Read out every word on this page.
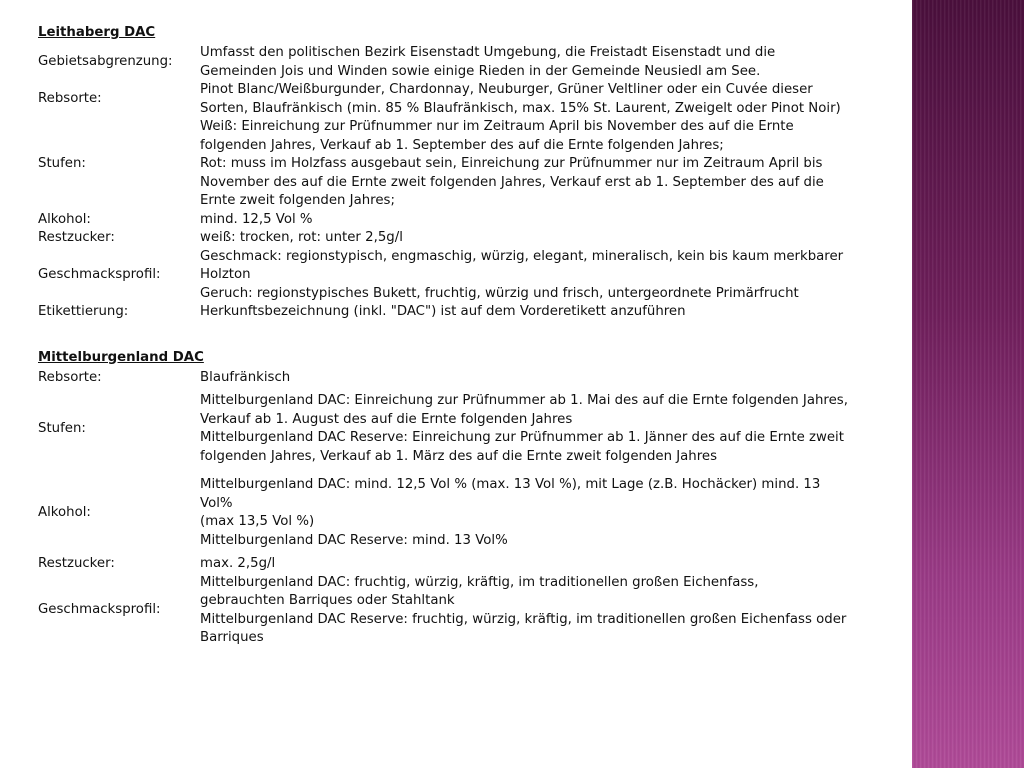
Leithaberg DAC
Gebietsabgrenzung:	Umfasst den politischen Bezirk Eisenstadt Umgebung, die Freistadt Eisenstadt und die
Gemeinden Jois und Winden sowie einige Rieden in der Gemeinde Neusiedl am See.

Rebsorte:	Pinot Blanc/Weißburgunder, Chardonnay, Neuburger, Grüner Veltliner oder ein Cuvée dieser
Sorten, Blaufränkisch (min. 85 % Blaufränkisch, max. 15% St. Laurent, Zweigelt oder Pinot Noir)

Stufen:	Weiß: Einreichung zur Prüfnummer nur im Zeitraum April bis November des auf die Ernte
folgenden Jahres, Verkauf ab 1. September des auf die Ernte folgenden Jahres;
Rot: muss im Holzfass ausgebaut sein, Einreichung zur Prüfnummer nur im Zeitraum April bis
November des auf die Ernte zweit folgenden Jahres, Verkauf erst ab 1. September des auf die
Ernte zweit folgenden Jahres;

Alkohol:	mind. 12,5 Vol %

Restzucker:	weiß: trocken, rot: unter 2,5g/l

Geschmacksprofil:	Geschmack: regionstypisch, engmaschig, würzig, elegant, mineralisch, kein bis kaum merkbarer
Holzton
Geruch: regionstypisches Bukett, fruchtig, würzig und frisch, untergeordnete Primärfrucht

Etikettierung:	Herkunftsbezeichnung (inkl. "DAC") ist auf dem Vorderetikett anzuführen
Mittelburgenland DAC
Rebsorte:	Blaufränkisch

Stufen:	Mittelburgenland DAC: Einreichung zur Prüfnummer ab 1. Mai des auf die Ernte folgenden Jahres,
Verkauf ab 1. August des auf die Ernte folgenden Jahres
Mittelburgenland DAC Reserve: Einreichung zur Prüfnummer ab 1. Jänner des auf die Ernte zweit
folgenden Jahres, Verkauf ab 1. März des auf die Ernte zweit folgenden Jahres

Alkohol:	Mittelburgenland DAC: mind. 12,5 Vol % (max. 13 Vol %), mit Lage (z.B. Hochäcker) mind. 13
Vol%
(max 13,5 Vol %)
Mittelburgenland DAC Reserve: mind. 13 Vol%

Restzucker:	max. 2,5g/l

Geschmacksprofil:	Mittelburgenland DAC: fruchtig, würzig, kräftig, im traditionellen großen Eichenfass,
gebrauchten Barriques oder Stahltank
Mittelburgenland DAC Reserve: fruchtig, würzig, kräftig, im traditionellen großen Eichenfass oder
Barriques
